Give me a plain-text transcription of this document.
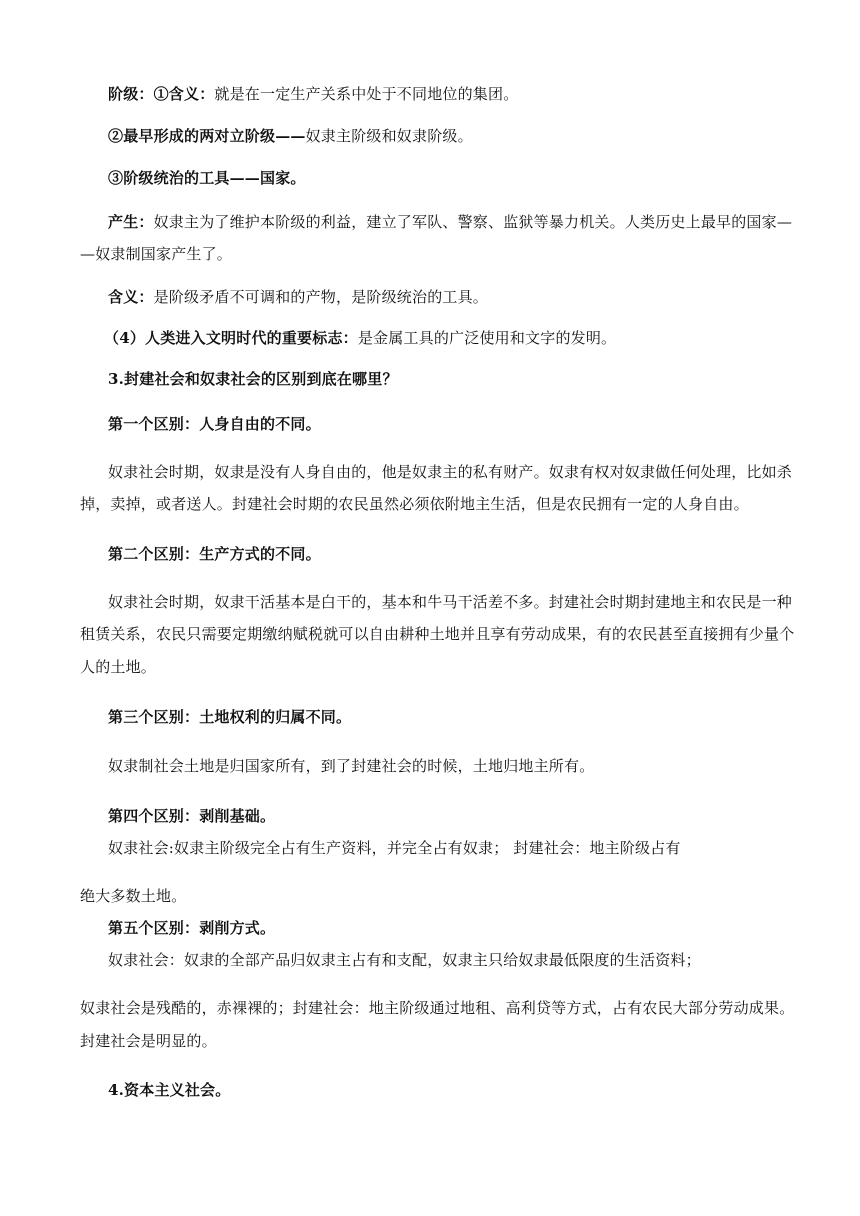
阶级：①含义：就是在一定生产关系中处于不同地位的集团。
②最早形成的两对立阶级——奴隶主阶级和奴隶阶级。
③阶级统治的工具——国家。
产生：奴隶主为了维护本阶级的利益，建立了军队、警察、监狱等暴力机关。人类历史上最早的国家—
—奴隶制国家产生了。
含义：是阶级矛盾不可调和的产物，是阶级统治的工具。
（4）人类进入文明时代的重要标志：是金属工具的广泛使用和文字的发明。
3.封建社会和奴隶社会的区别到底在哪里？
第一个区别：人身自由的不同。
奴隶社会时期，奴隶是没有人身自由的，他是奴隶主的私有财产。奴隶有权对奴隶做任何处理，比如杀
掉，卖掉，或者送人。封建社会时期的农民虽然必须依附地主生活，但是农民拥有一定的人身自由。
第二个区别：生产方式的不同。
奴隶社会时期，奴隶干活基本是白干的，基本和牛马干活差不多。封建社会时期封建地主和农民是一种
租赁关系，农民只需要定期缴纳赋税就可以自由耕种土地并且享有劳动成果，有的农民甚至直接拥有少量个
人的土地。
第三个区别：土地权利的归属不同。
奴隶制社会土地是归国家所有，到了封建社会的时候，土地归地主所有。
第四个区别：剥削基础。
奴隶社会:奴隶主阶级完全占有生产资料，并完全占有奴隶； 封建社会：地主阶级占有
绝大多数土地。
第五个区别：剥削方式。
奴隶社会：奴隶的全部产品归奴隶主占有和支配，奴隶主只给奴隶最低限度的生活资料；
奴隶社会是残酷的，赤裸裸的；封建社会：地主阶级通过地租、高利贷等方式，占有农民大部分劳动成果。
封建社会是明显的。
4.资本主义社会。
